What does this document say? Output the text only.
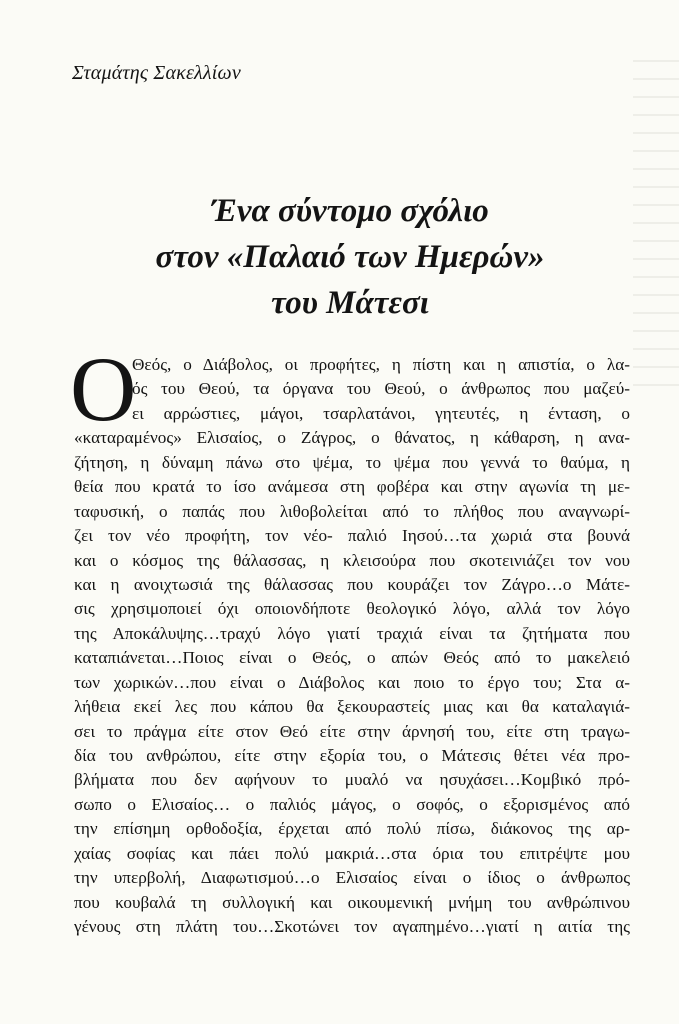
Σταμάτης Σακελλίων
Ένα σύντομο σχόλιο
στον «Παλαιό των Ημερών»
του Μάτεσι
Ο
Θεός, ο Διάβολος, οι προφήτες, η πίστη και η απιστία, ο λα-
ός του Θεού, τα όργανα του Θεού, ο άνθρωπος που μαζεύ-
ει αρρώστιες, μάγοι, τσαρλατάνοι, γητευτές, η ένταση, ο
«καταραμένος» Ελισαίος, ο Ζάγρος, ο θάνατος, η κάθαρση, η ανα-
ζήτηση, η δύναμη πάνω στο ψέμα, το ψέμα που γεννά το θαύμα, η
θεία που κρατά το ίσο ανάμεσα στη φοβέρα και στην αγωνία τη με-
ταφυσική, ο παπάς που λιθοβολείται από το πλήθος που αναγνωρί-
ζει τον νέο προφήτη, τον νέο- παλιό Ιησού…τα χωριά στα βουνά
και ο κόσμος της θάλασσας, η κλεισούρα που σκοτεινιάζει τον νου
και η ανοιχτωσιά της θάλασσας που κουράζει τον Ζάγρο…ο Μάτε-
σις χρησιμοποιεί όχι οποιονδήποτε θεολογικό λόγο, αλλά τον λόγο
της Αποκάλυψης…τραχύ λόγο γιατί τραχιά είναι τα ζητήματα που
καταπιάνεται…Ποιος είναι ο Θεός, ο απών Θεός από το μακελειό
των χωρικών…που είναι ο Διάβολος και ποιο το έργο του; Στα α-
λήθεια εκεί λες που κάπου θα ξεκουραστείς μιας και θα καταλαγιά-
σει το πράγμα είτε στον Θεό είτε στην άρνησή του, είτε στη τραγω-
δία του ανθρώπου, είτε στην εξορία του, ο Μάτεσις θέτει νέα προ-
βλήματα που δεν αφήνουν το μυαλό να ησυχάσει…Κομβικό πρό-
σωπο ο Ελισαίος… ο παλιός μάγος, ο σοφός, ο εξορισμένος από
την επίσημη ορθοδοξία, έρχεται από πολύ πίσω, διάκονος της αρ-
χαίας σοφίας και πάει πολύ μακριά…στα όρια του επιτρέψτε μου
την υπερβολή, Διαφωτισμού…ο Ελισαίος είναι ο ίδιος ο άνθρωπος
που κουβαλά τη συλλογική και οικουμενική μνήμη του ανθρώπινου
γένους στη πλάτη του…Σκοτώνει τον αγαπημένο…γιατί η αιτία της
